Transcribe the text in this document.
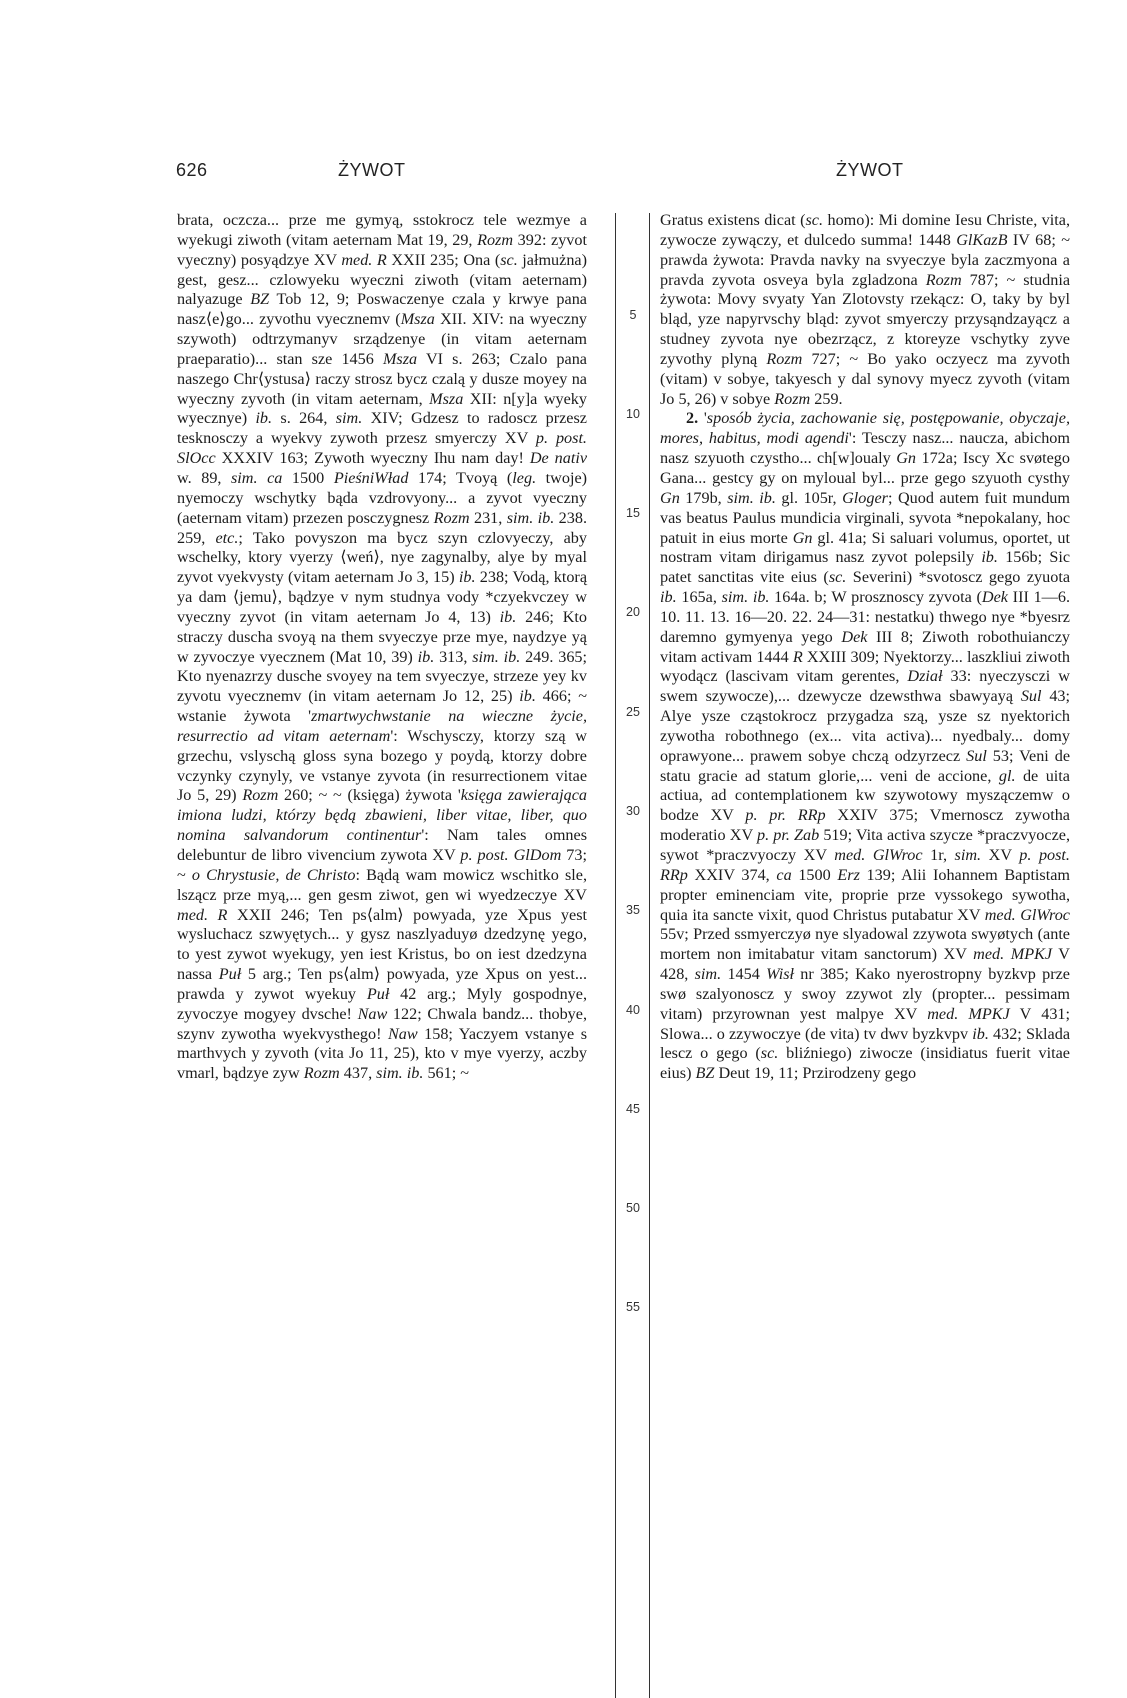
626	ŻYWOT	ŻYWOT
5
10
15
20
25
30
35
40
45
50
55

brata, oczcza... prze me gymyą, sstokrocz tele wezmye a wyekugi ziwoth (vitam aeternam Mat 19, 29, Rozm 392: zyvot vyeczny) posyądzye XV med. R XXII 235; Ona (sc. jałmużna) gest, gesz... czlowyeku wyeczni ziwoth (vitam aeternam) nalyazuge BZ Tob 12, 9; Poswaczenye czala y krwye pana nasz⟨e⟩go... zyvothu vyecznemv (Msza XII. XIV: na wyeczny szywoth) odtrzymanyv srządzenye (in vitam aeternam praeparatio)... stan sze 1456 Msza VI s. 263; Czalo pana naszego Chr⟨ystusa⟩ raczy strosz bycz czalą y dusze moyey na wyeczny zyvoth (in vitam aeternam, Msza XII: n[y]a wyeky wyecznye) ib. s. 264, sim. XIV; Gdzesz to radoscz przesz tesknosczy a wyekvy zywoth przesz smyerczy XV p. post. SlOcc XXXIV 163; Zywoth wyeczny Ihu nam day! De nativ w. 89, sim. ca 1500 PieśniWład 174; Tvoyą (leg. twoje) nyemoczy wschytky bąda vzdrovyony... a zyvot vyeczny (aeternam vitam) przezen posczygnesz Rozm 231, sim. ib. 238. 259, etc.; Tako povyszon ma bycz szyn czlovyeczy, aby wschelky, ktory vyerzy ⟨weń⟩, nye zagynalby, alye by myal zyvot vyekvysty (vitam aeternam Jo 3, 15) ib. 238; Vodą, ktorą ya dam ⟨jemu⟩, bądzye v nym studnya vody *czyekvczey w vyeczny zyvot (in vitam aeternam Jo 4, 13) ib. 246; Kto straczy duscha svoyą na them svyeczye prze mye, naydzye yą w zyvoczye vyecznem (Mat 10, 39) ib. 313, sim. ib. 249. 365; Kto nyenazrzy dusche svoyey na tem svyeczye, strzeze yey kv zyvotu vyecznemv (in vitam aeternam Jo 12, 25) ib. 466; ~ wstanie żywota 'zmartwychwstanie na wieczne życie, resurrectio ad vitam aeternam': Wschysczy, ktorzy szą w grzechu, vslyschą gloss syna bozego y poydą, ktorzy dobre vczynky czynyly, ve vstanye zyvota (in resurrectionem vitae Jo 5, 29) Rozm 260; ~ ~ (księga) żywota 'księga zawierająca imiona ludzi, którzy będą zbawieni, liber vitae, liber, quo nomina salvandorum continentur': Nam tales omnes delebuntur de libro vivencium zywota XV p. post. GlDom 73; ~ o Chrystusie, de Christo: Bądą wam mowicz wschitko sle, lszącz prze myą,... gen gesm ziwot, gen wi wyedzeczye XV med. R XXII 246; Ten ps⟨alm⟩ powyada, yze Xpus yest wysluchacz szwyętych... y gysz naszlyaduyø dzedzynę yego, to yest zywot wyekugy, yen iest Kristus, bo on iest dzedzyna nassa Puł 5 arg.; Ten ps⟨alm⟩ powyada, yze Xpus on yest... prawda y zywot wyekuy Puł 42 arg.; Myly gospodnye, zyvoczye mogyey dvsche! Naw 122; Chwala bandz... thobye, szynv zywotha wyekvysthego! Naw 158; Yaczyem vstanye s marthvych y zyvoth (vita Jo 11, 25), kto v mye vyerzy, aczby vmarl, bądzye zyw Rozm 437, sim. ib. 561; ~

Gratus existens dicat (sc. homo): Mi domine Iesu Christe, vita, zywocze zywączy, et dulcedo summa! 1448 GlKazB IV 68; ~ prawda żywota: Pravda navky na svyeczye byla zaczmyona a pravda zyvota osveya byla zgladzona Rozm 787; ~ studnia żywota: Movy svyaty Yan Zlotovsty rzekącz: O, taky by byl bląd, yze napyrvschy bląd: zyvot smyerczy przysąndzayącz a studney zyvota nye obezrząсz, z ktoreyze vschytky zyve zyvothy plyną Rozm 727; ~ Bo yako oczyecz ma zyvoth (vitam) v sobye, takyesch y dal synovy myecz zyvoth (vitam Jo 5, 26) v sobye Rozm 259.

2. 'sposób życia, zachowanie się, postępowanie, obyczaje, mores, habitus, modi agendi': Tesczy nasz... naucza, abichom nasz szyuoth czystho... ch[w]oualy Gn 172a; Iscy Xc svøtego Gana... gestcy gy on myloual byl... prze gego szyuoth cysthy Gn 179b, sim. ib. gl. 105r, Gloger; Quod autem fuit mundum vas beatus Paulus mundicia virginali, syvota *nepokalany, hoc patuit in eius morte Gn gl. 41a; Si saluari volumus, oportet, ut nostram vitam dirigamus nasz zyvot polepsily ib. 156b; Sic patet sanctitas vite eius (sc. Severini) *svotoscz gego zyuota ib. 165a, sim. ib. 164a. b; W prosznoscy zyvota (Dek III 1—6. 10. 11. 13. 16—20. 22. 24—31: nestatku) thwego nye *byesrz daremno gymyenya yego Dek III 8; Ziwoth robothuianczy vitam activam 1444 R XXIII 309; Nyektorzy... laszkliui ziwoth wyodącz (lascivam vitam gerentes, Dział 33: nyeczysczi w swem szywocze),... dzewycze dzewsthwa sbawyayą Sul 43; Alye ysze cząstokrocz przygadza szą, ysze sz nyektorich zywotha robothnego (ex... vita activa)... nyedbaly... domy oprawyone... prawem sobye chczą odzyrzecz Sul 53; Veni de statu gracie ad statum glorie,... veni de accione, gl. de uita actiua, ad contemplationem kw szywotowy myszączemw o bodze XV p. pr. RRp XXIV 375; Vmernoscz zywotha moderatio XV p. pr. Zab 519; Vita activa szycze *praczvyocze, sywot *praczvyoczy XV med. GlWroc 1r, sim. XV p. post. RRp XXIV 374, ca 1500 Erz 139; Alii Iohannem Baptistam propter eminenciam vite, proprie prze vyssokego sywotha, quia ita sancte vixit, quod Christus putabatur XV med. GlWroc 55v; Przed ssmyerczyø nye slyadowal zzywota swyøtych (ante mortem non imitabatur vitam sanctorum) XV med. MPKJ V 428, sim. 1454 Wisł nr 385; Kako nyerostropny byzkvp prze swø szalyonoscz y swoy zzywot zly (propter... pessimam vitam) przyrownan yest malpye XV med. MPKJ V 431; Slowa... o zzywoczye (de vita) tv dwv byzkvpv ib. 432; Sklada lescz o gego (sc. bliźniego) ziwocze (insidiatus fuerit vitae eius) BZ Deut 19, 11; Przirodzeny gego
